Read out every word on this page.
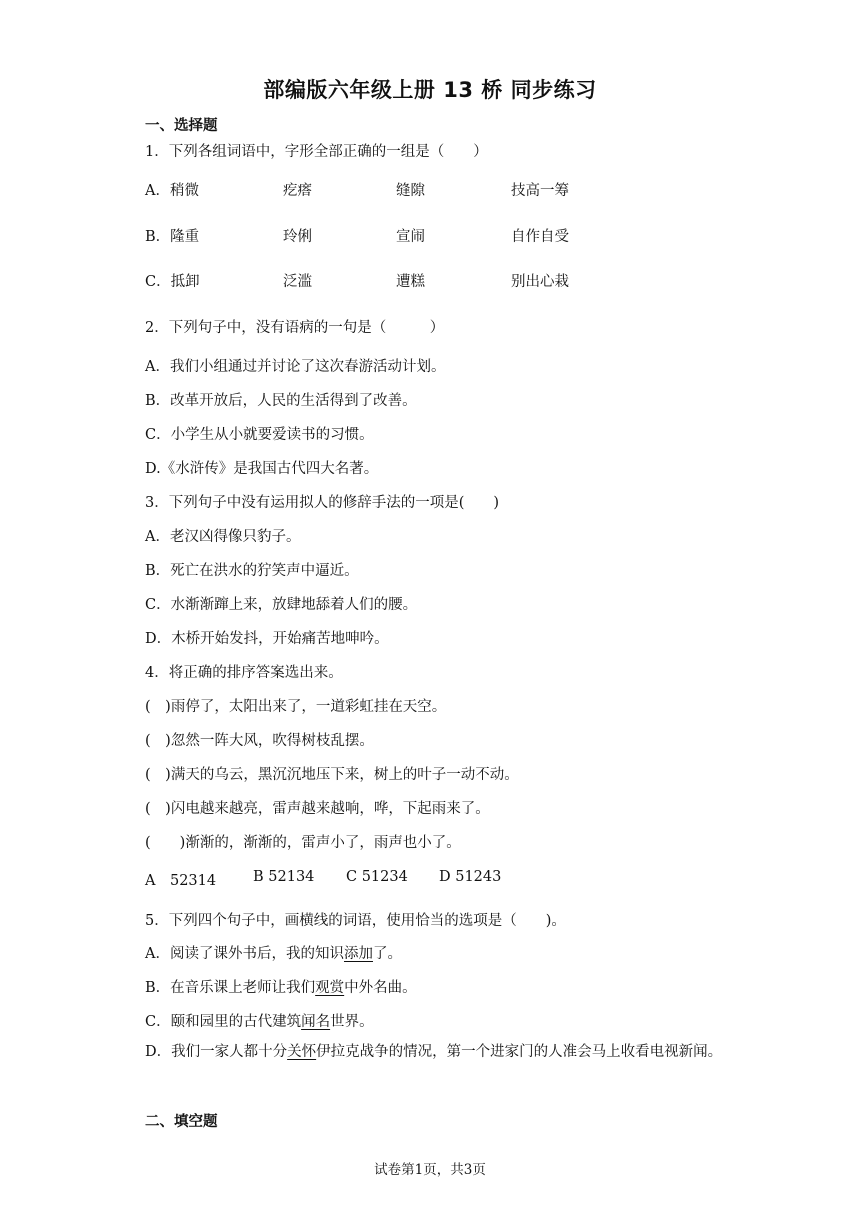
部编版六年级上册 13 桥 同步练习
一、选择题
1．下列各组词语中，字形全部正确的一组是（　　）
A．稍微	疙瘩	缝隙	技高一筹
B．隆重	玲俐	宣闹	自作自受
C．抵卸	泛滥	遭糕	别出心栽
2．下列句子中，没有语病的一句是（　　　）
A．我们小组通过并讨论了这次春游活动计划。
B．改革开放后，人民的生活得到了改善。
C．小学生从小就要爱读书的习惯。
D.《水浒传》是我国古代四大名著。
3．下列句子中没有运用拟人的修辞手法的一项是(　　)
A．老汉凶得像只豹子。
B．死亡在洪水的狞笑声中逼近。
C．水渐渐蹿上来，放肆地舔着人们的腰。
D．木桥开始发抖，开始痛苦地呻吟。
4．将正确的排序答案选出来。
(　)雨停了，太阳出来了，一道彩虹挂在天空。
(　)忽然一阵大风，吹得树枝乱摆。
(　)满天的乌云，黑沉沉地压下来，树上的叶子一动不动。
(　)闪电越来越亮，雷声越来越响，哗，下起雨来了。
(　　)渐渐的，渐渐的，雷声小了，雨声也小了。
A　52314	B 52134 C 51234 D 51243
5．下列四个句子中，画横线的词语，使用恰当的选项是（　　)。
A．阅读了课外书后，我的知识添加了。
B．在音乐课上老师让我们观赏中外名曲。
C．颐和园里的古代建筑闻名世界。
D．我们一家人都十分关怀伊拉克战争的情况，第一个进家门的人准会马上收看电视新闻。
二、填空题
试卷第1页，共3页
